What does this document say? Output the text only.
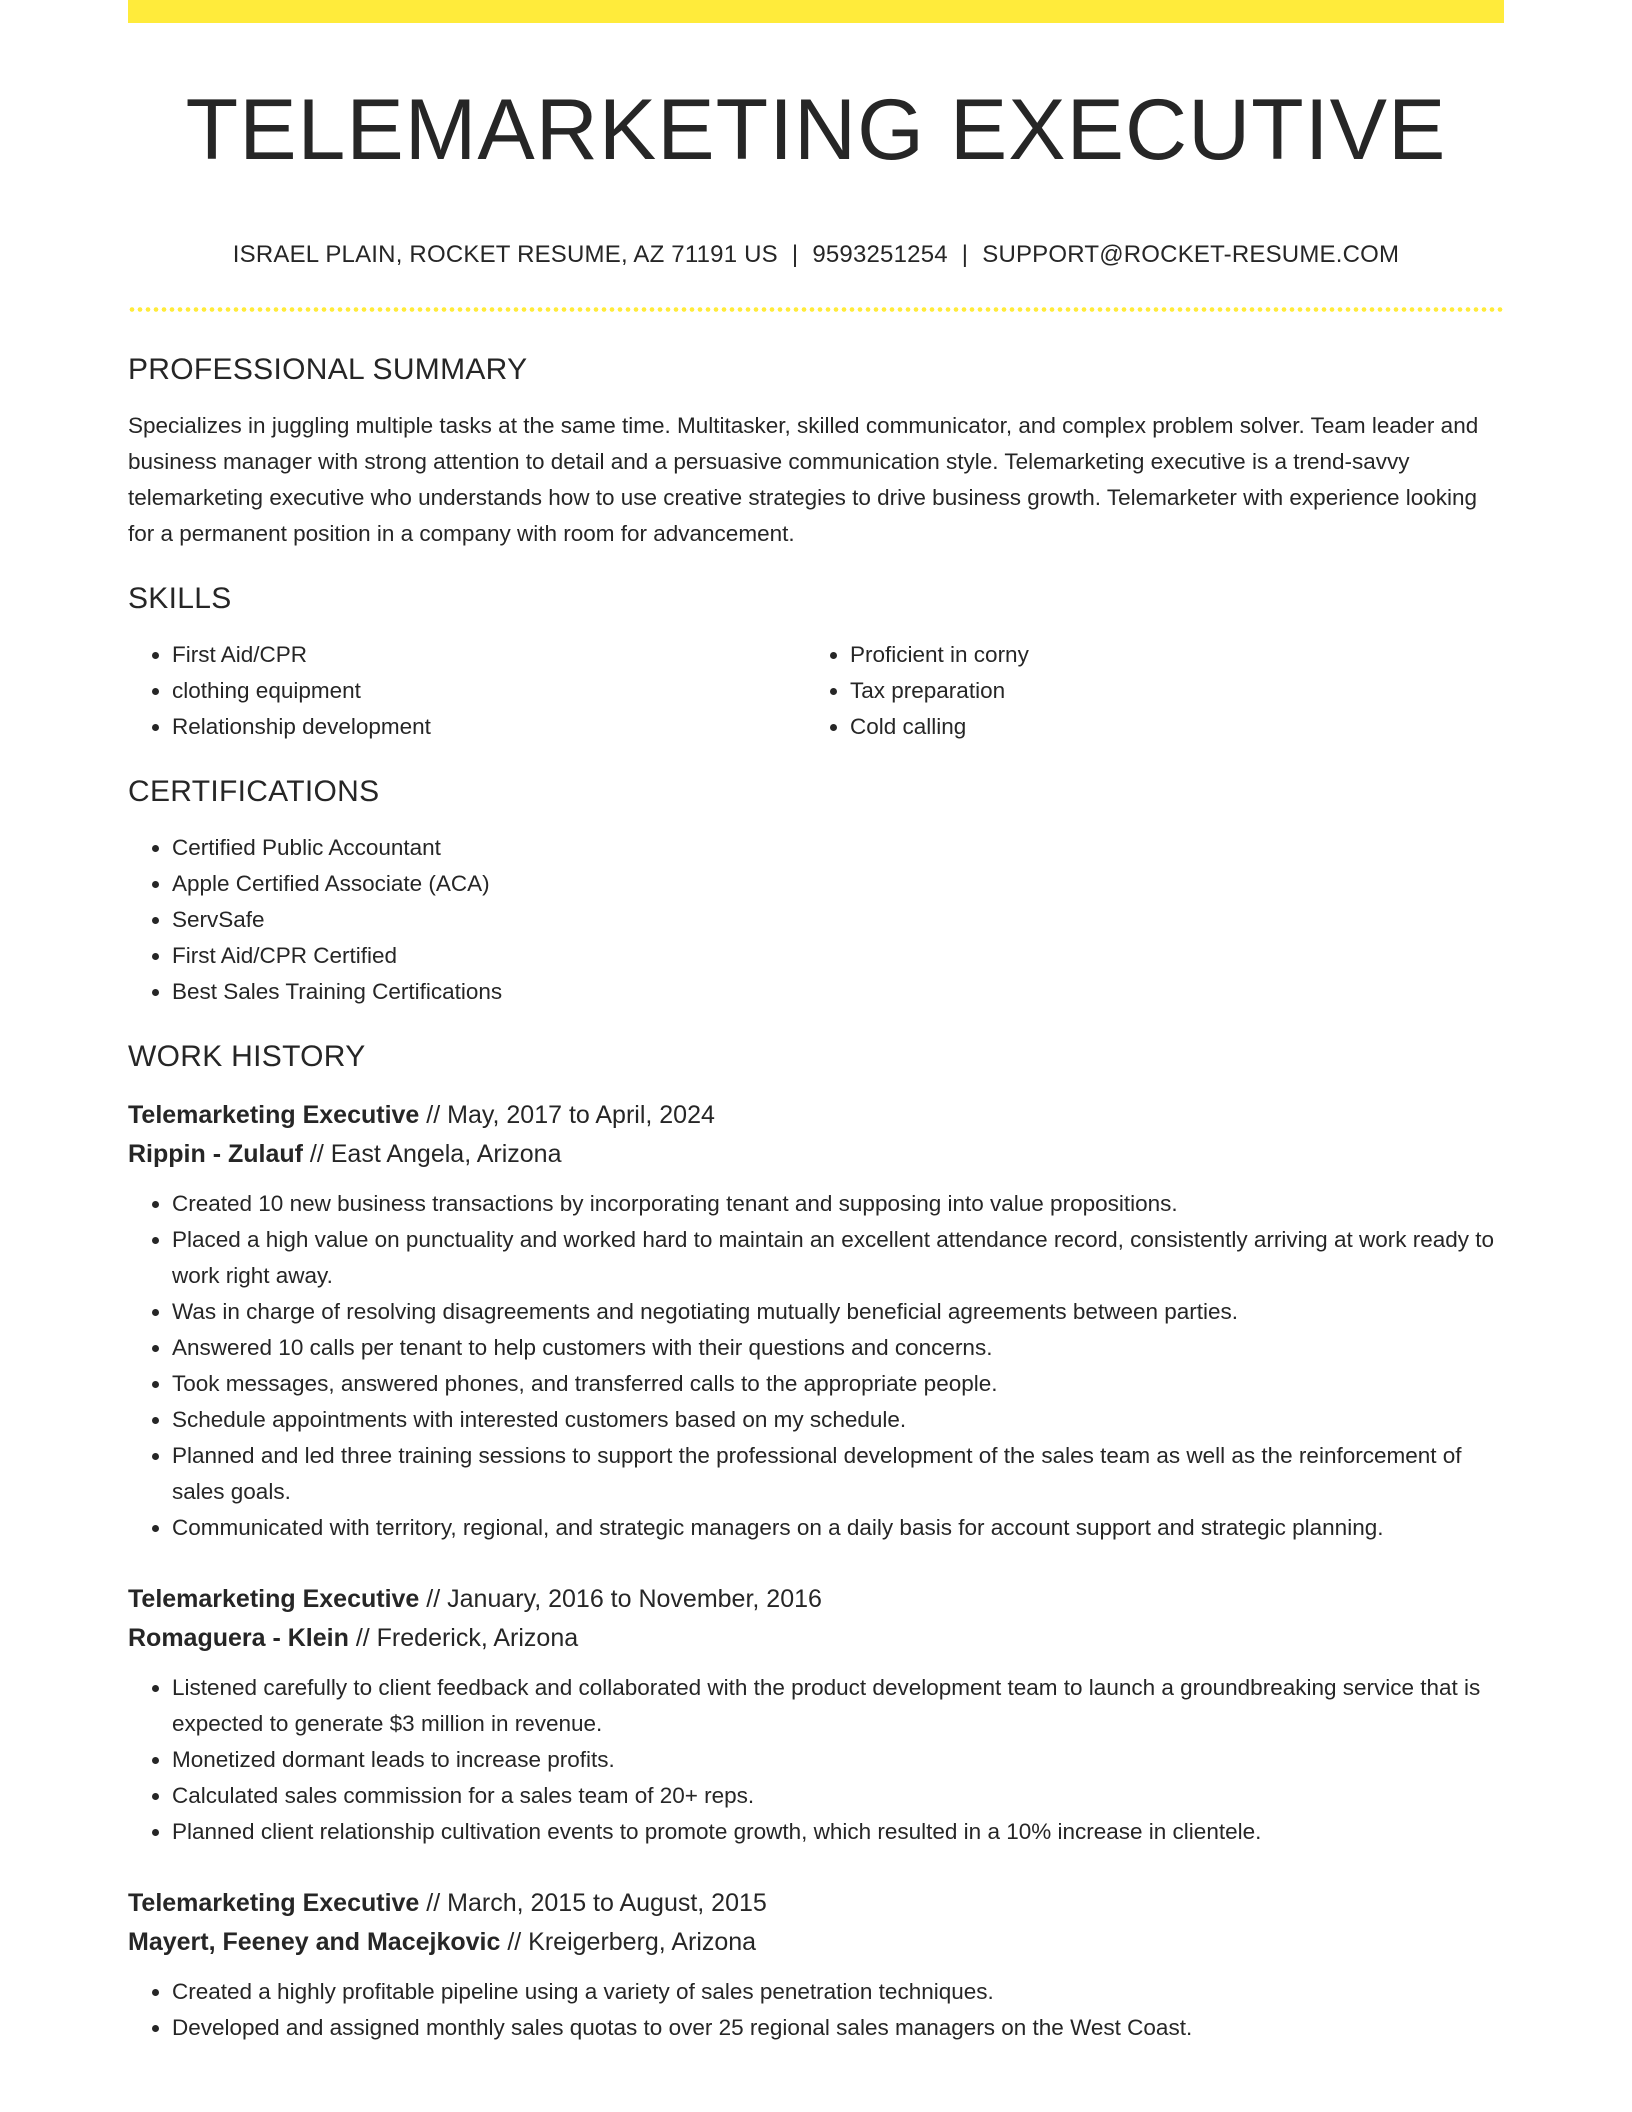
TELEMARKETING EXECUTIVE
ISRAEL PLAIN, ROCKET RESUME, AZ 71191 US | 9593251254 | SUPPORT@ROCKET-RESUME.COM
PROFESSIONAL SUMMARY

Specializes in juggling multiple tasks at the same time. Multitasker, skilled communicator, and complex problem solver. Team leader and business manager with strong attention to detail and a persuasive communication style. Telemarketing executive is a trend-savvy telemarketing executive who understands how to use creative strategies to drive business growth. Telemarketer with experience looking for a permanent position in a company with room for advancement.

SKILLS
• First Aid/CPR
• clothing equipment
• Relationship development
• Proficient in corny
• Tax preparation
• Cold calling
CERTIFICATIONS
• Certified Public Accountant
• Apple Certified Associate (ACA)
• ServSafe
• First Aid/CPR Certified
• Best Sales Training Certifications
WORK HISTORY
Telemarketing Executive // May, 2017 to April, 2024
Rippin - Zulauf // East Angela, Arizona
• Created 10 new business transactions by incorporating tenant and supposing into value propositions.
• Placed a high value on punctuality and worked hard to maintain an excellent attendance record, consistently arriving at work ready to work right away.
• Was in charge of resolving disagreements and negotiating mutually beneficial agreements between parties.
• Answered 10 calls per tenant to help customers with their questions and concerns.
• Took messages, answered phones, and transferred calls to the appropriate people.
• Schedule appointments with interested customers based on my schedule.
• Planned and led three training sessions to support the professional development of the sales team as well as the reinforcement of sales goals.
• Communicated with territory, regional, and strategic managers on a daily basis for account support and strategic planning.
Telemarketing Executive // January, 2016 to November, 2016
Romaguera - Klein // Frederick, Arizona
• Listened carefully to client feedback and collaborated with the product development team to launch a groundbreaking service that is expected to generate $3 million in revenue.
• Monetized dormant leads to increase profits.
• Calculated sales commission for a sales team of 20+ reps.
• Planned client relationship cultivation events to promote growth, which resulted in a 10% increase in clientele.
Telemarketing Executive // March, 2015 to August, 2015
Mayert, Feeney and Macejkovic // Kreigerberg, Arizona
• Created a highly profitable pipeline using a variety of sales penetration techniques.
• Developed and assigned monthly sales quotas to over 25 regional sales managers on the West Coast.
